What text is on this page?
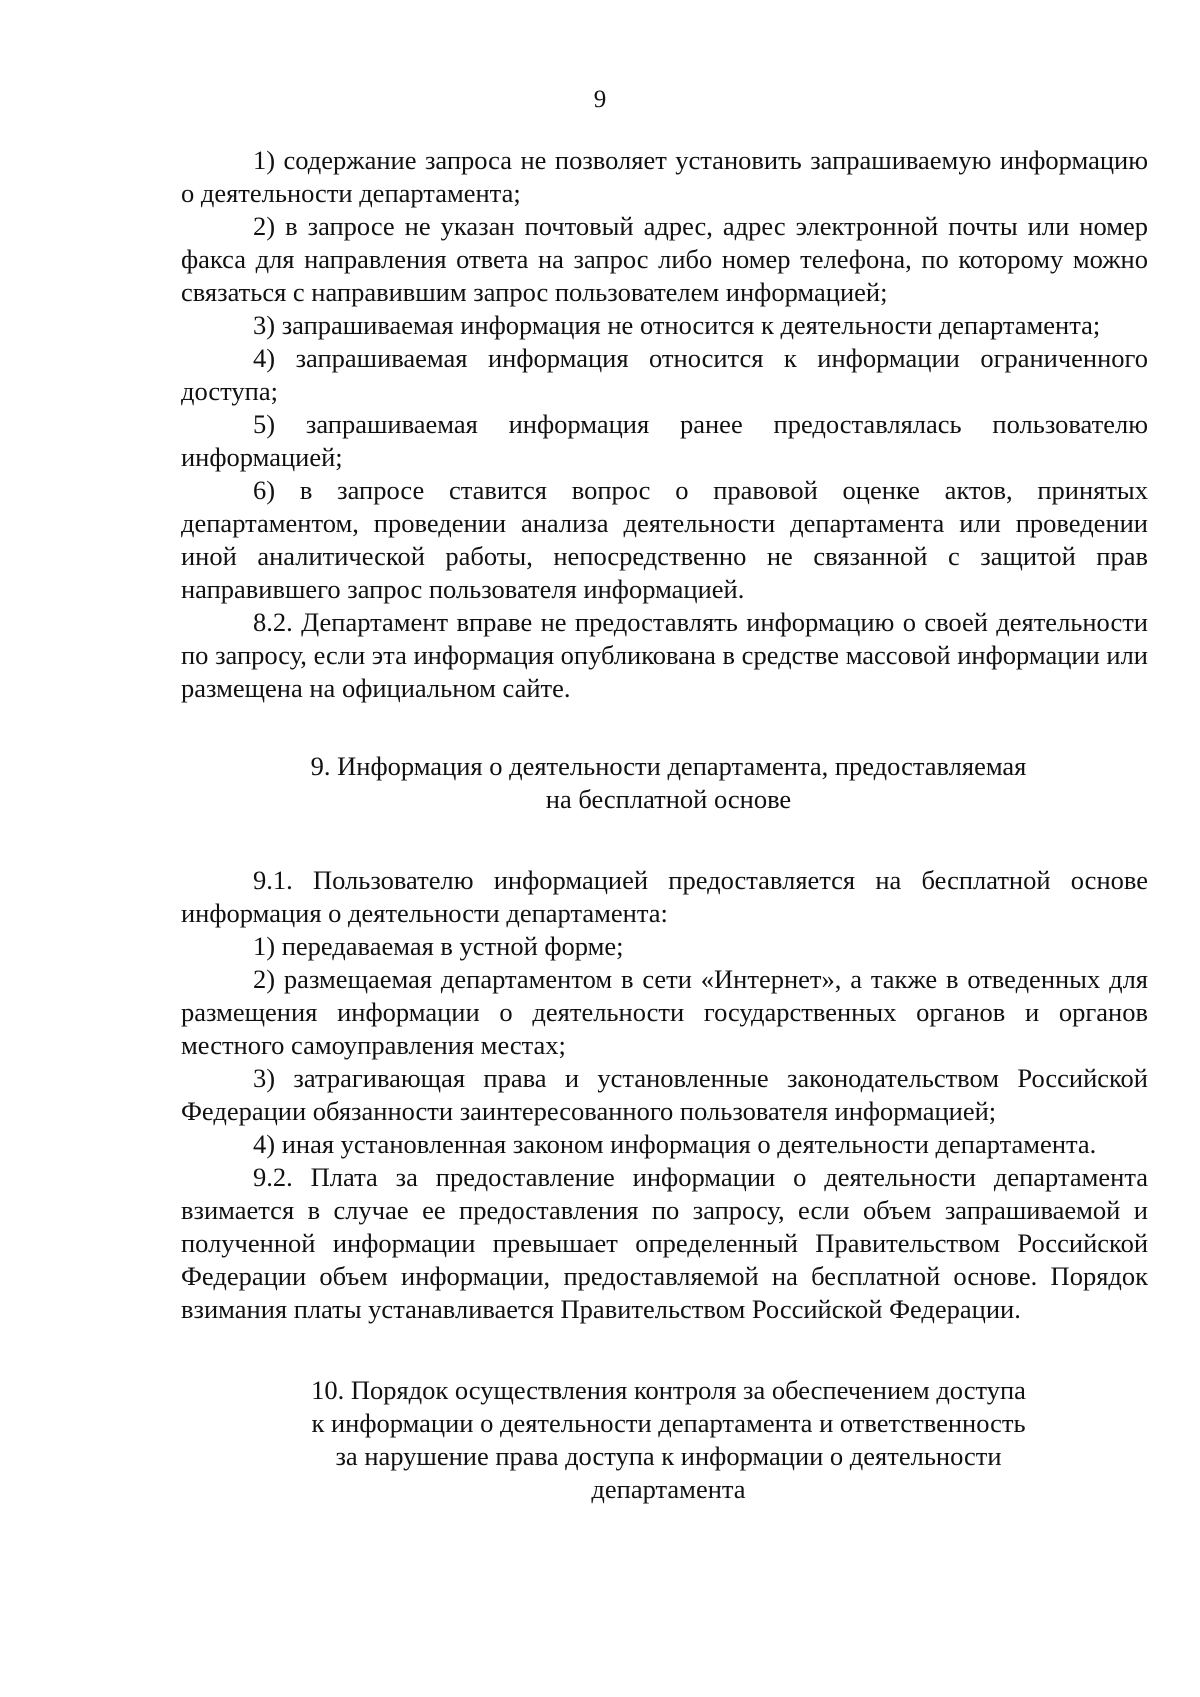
9

1) содержание запроса не позволяет установить запрашиваемую информацию о деятельности департамента;

2) в запросе не указан почтовый адрес, адрес электронной почты или номер факса для направления ответа на запрос либо номер телефона, по которому можно связаться с направившим запрос пользователем информацией;

3) запрашиваемая информация не относится к деятельности департамента;

4) запрашиваемая информация относится к информации ограниченного доступа;

5) запрашиваемая информация ранее предоставлялась пользователю информацией;

6) в запросе ставится вопрос о правовой оценке актов, принятых департаментом, проведении анализа деятельности департамента или проведении иной аналитической работы, непосредственно не связанной с защитой прав направившего запрос пользователя информацией.

8.2. Департамент вправе не предоставлять информацию о своей деятельности по запросу, если эта информация опубликована в средстве массовой информации или размещена на официальном сайте.

9. Информация о деятельности департамента, предоставляемая
на бесплатной основе

9.1. Пользователю информацией предоставляется на бесплатной основе информация о деятельности департамента:

1) передаваемая в устной форме;

2) размещаемая департаментом в сети «Интернет», а также в отведенных для размещения информации о деятельности государственных органов и органов местного самоуправления местах;

3) затрагивающая права и установленные законодательством Российской Федерации обязанности заинтересованного пользователя информацией;

4) иная установленная законом информация о деятельности департамента.

9.2. Плата за предоставление информации о деятельности департамента взимается в случае ее предоставления по запросу, если объем запрашиваемой и полученной информации превышает определенный Правительством Российской Федерации объем информации, предоставляемой на бесплатной основе. Порядок взимания платы устанавливается Правительством Российской Федерации.

10. Порядок осуществления контроля за обеспечением доступа
к информации о деятельности департамента и ответственность
за нарушение права доступа к информации о деятельности
департамента
